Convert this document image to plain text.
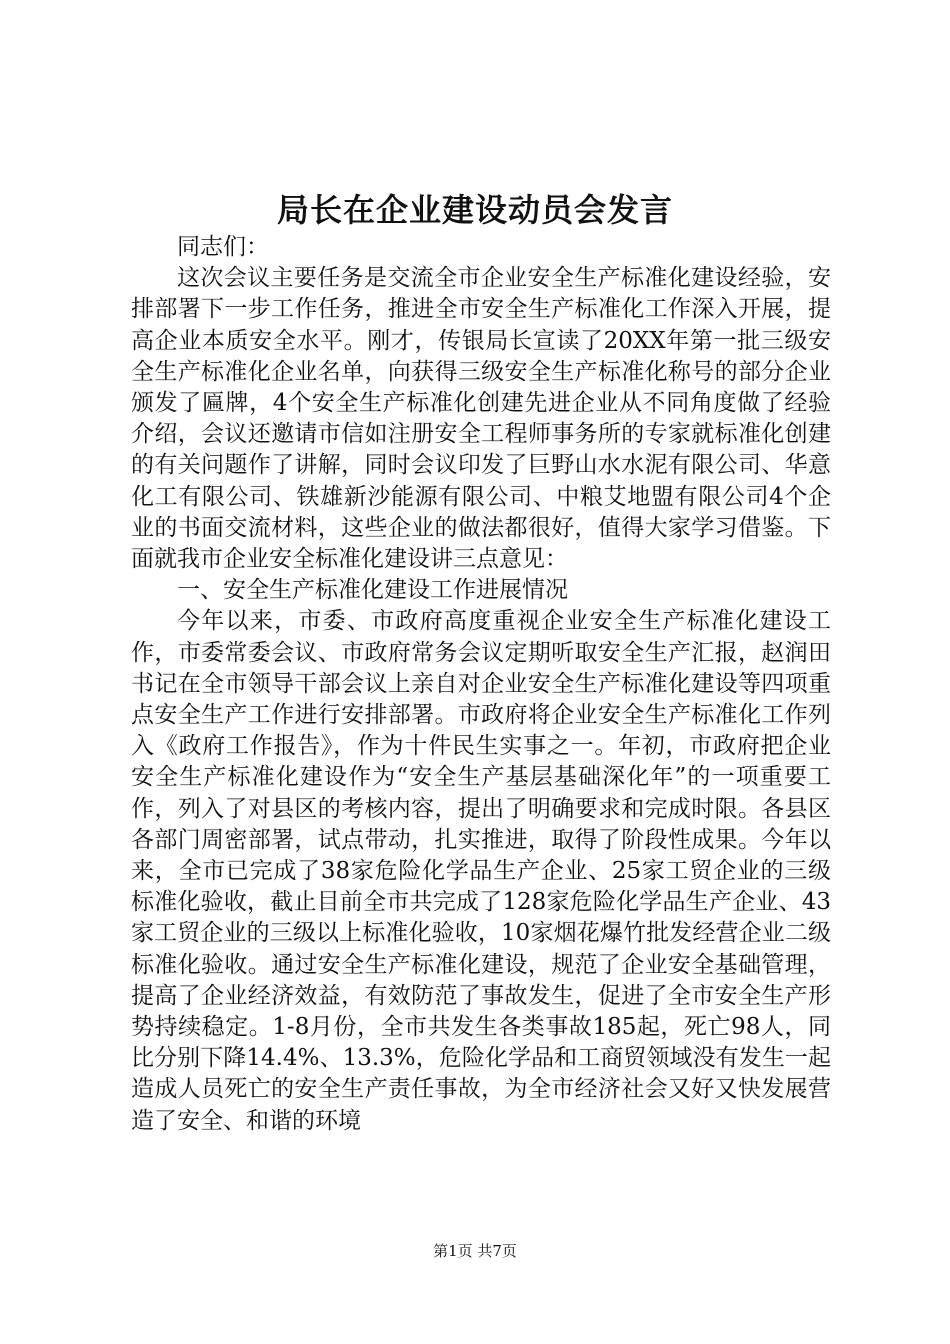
局长在企业建设动员会发言

同志们：

这次会议主要任务是交流全市企业安全生产标准化建设经验，安排部署下一步工作任务，推进全市安全生产标准化工作深入开展，提高企业本质安全水平。刚才，传银局长宣读了20XX年第一批三级安全生产标准化企业名单，向获得三级安全生产标准化称号的部分企业颁发了匾牌，4个安全生产标准化创建先进企业从不同角度做了经验介绍，会议还邀请市信如注册安全工程师事务所的专家就标准化创建的有关问题作了讲解，同时会议印发了巨野山水水泥有限公司、华意化工有限公司、铁雄新沙能源有限公司、中粮艾地盟有限公司4个企业的书面交流材料，这些企业的做法都很好，值得大家学习借鉴。下面就我市企业安全标准化建设讲三点意见：

一、安全生产标准化建设工作进展情况

今年以来，市委、市政府高度重视企业安全生产标准化建设工作，市委常委会议、市政府常务会议定期听取安全生产汇报，赵润田书记在全市领导干部会议上亲自对企业安全生产标准化建设等四项重点安全生产工作进行安排部署。市政府将企业安全生产标准化工作列入《政府工作报告》，作为十件民生实事之一。年初，市政府把企业安全生产标准化建设作为“安全生产基层基础深化年”的一项重要工作，列入了对县区的考核内容，提出了明确要求和完成时限。各县区各部门周密部署，试点带动，扎实推进，取得了阶段性成果。今年以来，全市已完成了38家危险化学品生产企业、25家工贸企业的三级标准化验收，截止目前全市共完成了128家危险化学品生产企业、43家工贸企业的三级以上标准化验收，10家烟花爆竹批发经营企业二级标准化验收。通过安全生产标准化建设，规范了企业安全基础管理，提高了企业经济效益，有效防范了事故发生，促进了全市安全生产形势持续稳定。1-8月份，全市共发生各类事故185起，死亡98人，同比分别下降14.4%、13.3%，危险化学品和工商贸领域没有发生一起造成人员死亡的安全生产责任事故，为全市经济社会又好又快发展营造了安全、和谐的环境

第1页 共7页
